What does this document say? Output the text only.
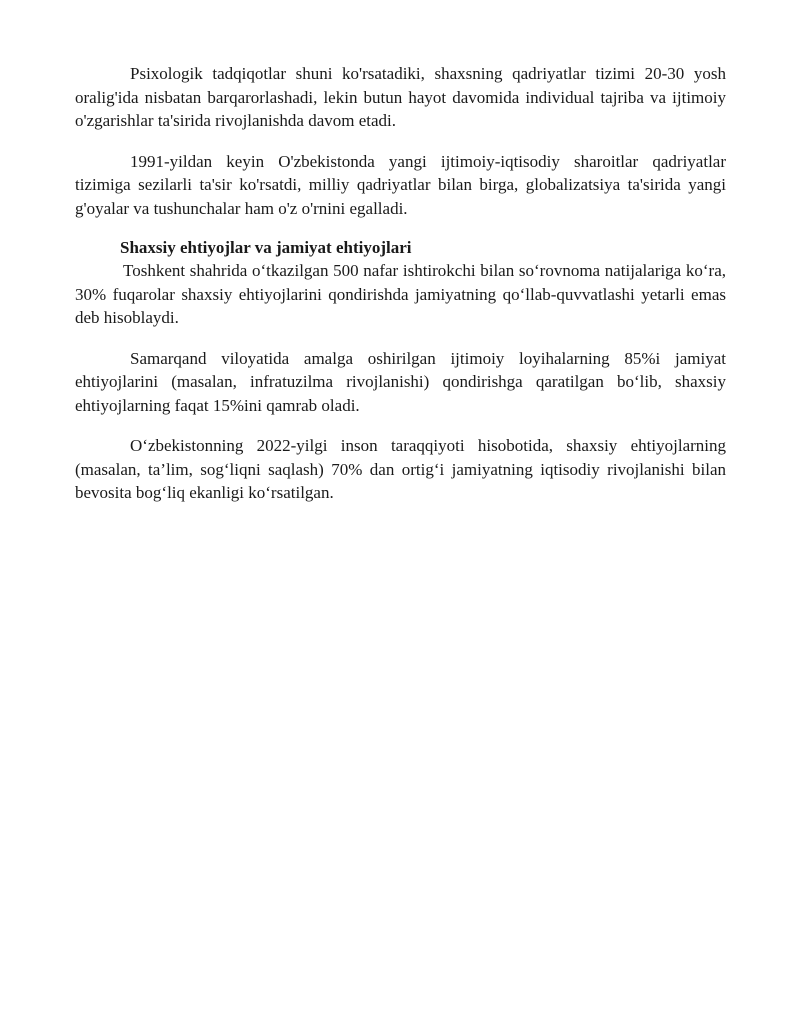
Psixologik tadqiqotlar shuni ko'rsatadiki, shaxsning qadriyatlar tizimi 20-30 yosh oralig'ida nisbatan barqarorlashadi, lekin butun hayot davomida individual tajriba va ijtimoiy o'zgarishlar ta'sirida rivojlanishda davom etadi.

1991-yildan keyin O'zbekistonda yangi ijtimoiy-iqtisodiy sharoitlar qadriyatlar tizimiga sezilarli ta'sir ko'rsatdi, milliy qadriyatlar bilan birga, globalizatsiya ta'sirida yangi g'oyalar va tushunchalar ham o'z o'rnini egalladi.

Shaxsiy ehtiyojlar va jamiyat ehtiyojlari

Toshkent shahrida o‘tkazilgan 500 nafar ishtirokchi bilan so‘rovnoma natijalariga ko‘ra, 30% fuqarolar shaxsiy ehtiyojlarini qondirishda jamiyatning qo‘llab-quvvatlashi yetarli emas deb hisoblaydi.

Samarqand viloyatida amalga oshirilgan ijtimoiy loyihalarning 85%i jamiyat ehtiyojlarini (masalan, infratuzilma rivojlanishi) qondirishga qaratilgan bo‘lib, shaxsiy ehtiyojlarning faqat 15%ini qamrab oladi.

O‘zbekistonning 2022-yilgi inson taraqqiyoti hisobotida, shaxsiy ehtiyojlarning (masalan, ta’lim, sog‘liqni saqlash) 70% dan ortig‘i jamiyatning iqtisodiy rivojlanishi bilan bevosita bog‘liq ekanligi ko‘rsatilgan.
